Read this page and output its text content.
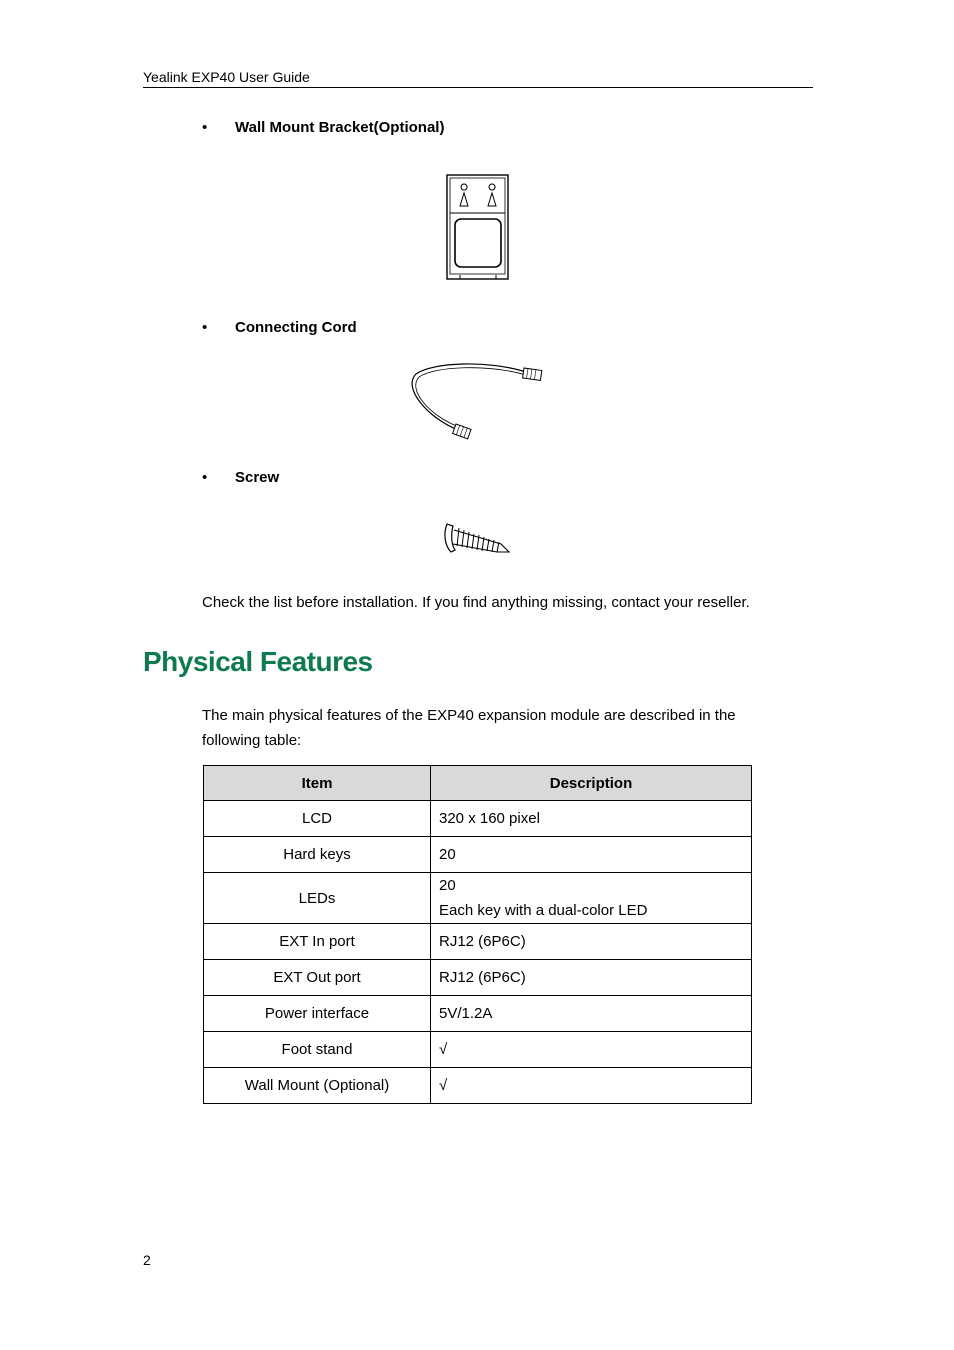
Yealink EXP40 User Guide
• Wall Mount Bracket(Optional)
• Connecting Cord
• Screw
Check the list before installation. If you find anything missing, contact your reseller.
Physical Features
The main physical features of the EXP40 expansion module are described in the
following table:
Item	Description
LCD	320 x 160 pixel

Hard keys	20

LEDs	20
Each key with a dual-color LED

EXT In port	RJ12 (6P6C)

EXT Out port	RJ12 (6P6C)

Power interface	5V/1.2A

Foot stand	√

Wall Mount (Optional)	√
2
